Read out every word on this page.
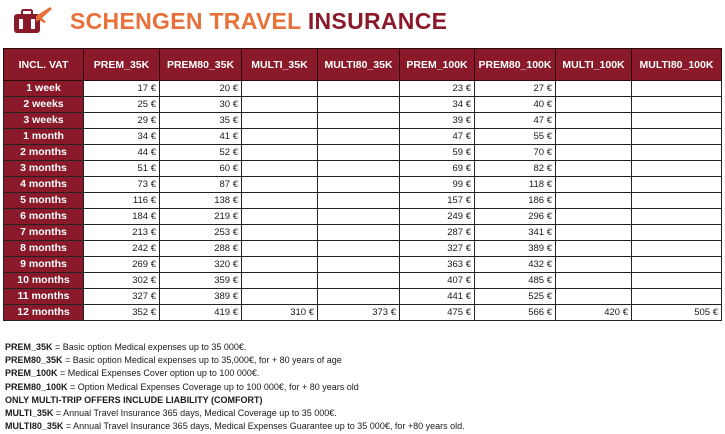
SCHENGEN TRAVEL INSURANCE
INCL. VAT	PREM_35K	PREM80_35K	MULTI_35K	MULTI80_35K	PREM_100K	PREM80_100K	MULTI_100K	MULTI80_100K
1 week	17 €	20 €			23 €	27 €		
2 weeks	25 €	30 €			34 €	40 €		
3 weeks	29 €	35 €			39 €	47 €		
1 month	34 €	41 €			47 €	55 €		
2 months	44 €	52 €			59 €	70 €		
3 months	51 €	60 €			69 €	82 €		
4 months	73 €	87 €			99 €	118 €		
5 months	116 €	138 €			157 €	186 €		
6 months	184 €	219 €			249 €	296 €		
7 months	213 €	253 €			287 €	341 €		
8 months	242 €	288 €			327 €	389 €		
9 months	269 €	320 €			363 €	432 €		
10 months	302 €	359 €			407 €	485 €		
11 months	327 €	389 €			441 €	525 €		
12 months	352 €	419 €	310 €	373 €	475 €	566 €	420 €	505 €
PREM_35K = Basic option Medical expenses up to 35 000€.
PREM80_35K = Basic option Medical expenses up to 35,000€, for + 80 years of age
PREM_100K = Medical Expenses Cover option up to 100 000€.
PREM80_100K = Option Medical Expenses Coverage up to 100 000€, for + 80 years old
ONLY MULTI-TRIP OFFERS INCLUDE LIABILITY (COMFORT)
MULTI_35K = Annual Travel Insurance 365 days, Medical Coverage up to 35 000€.
MULTI80_35K = Annual Travel Insurance 365 days, Medical Expenses Guarantee up to 35 000€, for +80 years old.
